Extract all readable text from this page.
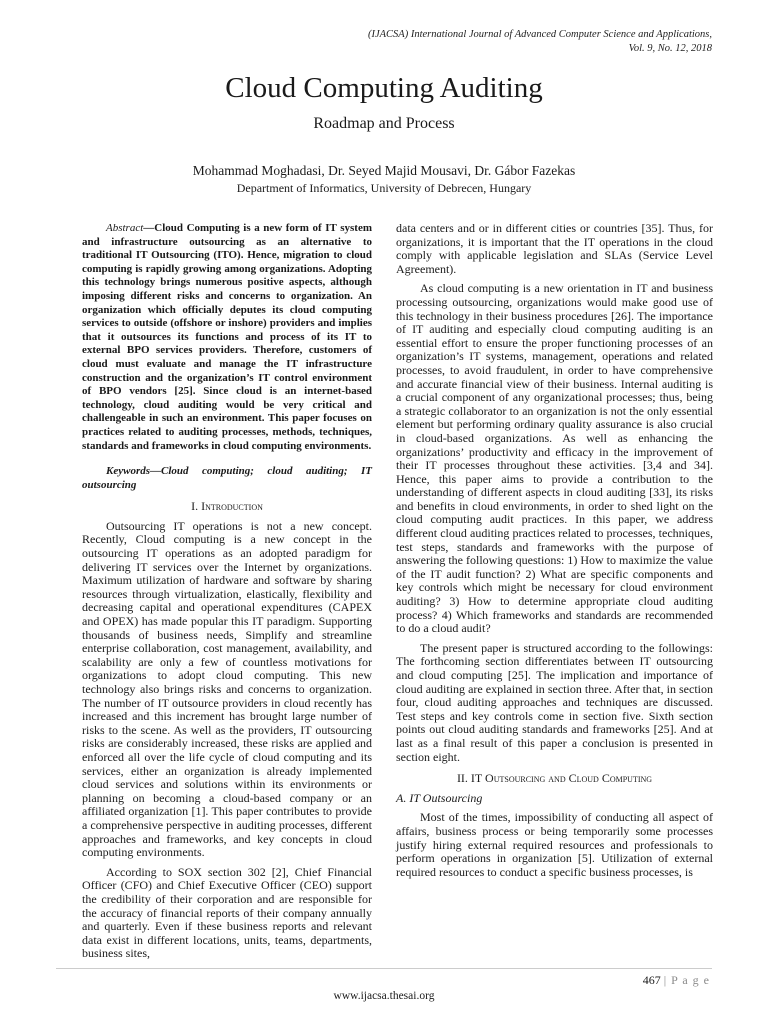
(IJACSA) International Journal of Advanced Computer Science and Applications,
Vol. 9, No. 12, 2018
Cloud Computing Auditing
Roadmap and Process
Mohammad Moghadasi, Dr. Seyed Majid Mousavi, Dr. Gábor Fazekas
Department of Informatics, University of Debrecen, Hungary

Abstract—Cloud Computing is a new form of IT system and infrastructure outsourcing as an alternative to traditional IT Outsourcing (ITO). Hence, migration to cloud computing is rapidly growing among organizations. Adopting this technology brings numerous positive aspects, although imposing different risks and concerns to organization. An organization which officially deputes its cloud computing services to outside (offshore or inshore) providers and implies that it outsources its functions and process of its IT to external BPO services providers. Therefore, customers of cloud must evaluate and manage the IT infrastructure construction and the organization’s IT control environment of BPO vendors [25]. Since cloud is an internet-based technology, cloud auditing would be very critical and challengeable in such an environment. This paper focuses on practices related to auditing processes, methods, techniques, standards and frameworks in cloud computing environments.

Keywords—Cloud computing; cloud auditing; IT outsourcing

I. Introduction

Outsourcing IT operations is not a new concept. Recently, Cloud computing is a new concept in the outsourcing IT operations as an adopted paradigm for delivering IT services over the Internet by organizations. Maximum utilization of hardware and software by sharing resources through virtualization, elastically, flexibility and decreasing capital and operational expenditures (CAPEX and OPEX) has made popular this IT paradigm. Supporting thousands of business needs, Simplify and streamline enterprise collaboration, cost management, availability, and scalability are only a few of countless motivations for organizations to adopt cloud computing. This new technology also brings risks and concerns to organization. The number of IT outsource providers in cloud recently has increased and this increment has brought large number of risks to the scene. As well as the providers, IT outsourcing risks are considerably increased, these risks are applied and enforced all over the life cycle of cloud computing and its services, either an organization is already implemented cloud services and solutions within its environments or planning on becoming a cloud-based company or an affiliated organization [1]. This paper contributes to provide a comprehensive perspective in auditing processes, different approaches and frameworks, and key concepts in cloud computing environments.

According to SOX section 302 [2], Chief Financial Officer (CFO) and Chief Executive Officer (CEO) support the credibility of their corporation and are responsible for the accuracy of financial reports of their company annually and quarterly. Even if these business reports and relevant data exist in different locations, units, teams, departments, business sites,

data centers and or in different cities or countries [35]. Thus, for organizations, it is important that the IT operations in the cloud comply with applicable legislation and SLAs (Service Level Agreement).

As cloud computing is a new orientation in IT and business processing outsourcing, organizations would make good use of this technology in their business procedures [26]. The importance of IT auditing and especially cloud computing auditing is an essential effort to ensure the proper functioning processes of an organization’s IT systems, management, operations and related processes, to avoid fraudulent, in order to have comprehensive and accurate financial view of their business. Internal auditing is a crucial component of any organizational processes; thus, being a strategic collaborator to an organization is not the only essential element but performing ordinary quality assurance is also crucial in cloud-based organizations. As well as enhancing the organizations’ productivity and efficacy in the improvement of their IT processes throughout these activities. [3,4 and 34]. Hence, this paper aims to provide a contribution to the understanding of different aspects in cloud auditing [33], its risks and benefits in cloud environments, in order to shed light on the cloud computing audit practices. In this paper, we address different cloud auditing practices related to processes, techniques, test steps, standards and frameworks with the purpose of answering the following questions: 1) How to maximize the value of the IT audit function? 2) What are specific components and key controls which might be necessary for cloud environment auditing? 3) How to determine appropriate cloud auditing process? 4) Which frameworks and standards are recommended to do a cloud audit?

The present paper is structured according to the followings: The forthcoming section differentiates between IT outsourcing and cloud computing [25]. The implication and importance of cloud auditing are explained in section three. After that, in section four, cloud auditing approaches and techniques are discussed. Test steps and key controls come in section five. Sixth section points out cloud auditing standards and frameworks [25]. And at last as a final result of this paper a conclusion is presented in section eight.

II. IT Outsourcing and Cloud Computing

A. IT Outsourcing

Most of the times, impossibility of conducting all aspect of affairs, business process or being temporarily some processes justify hiring external required resources and professionals to perform operations in organization [5]. Utilization of external required resources to conduct a specific business processes, is

467 | P a g e
www.ijacsa.thesai.org
